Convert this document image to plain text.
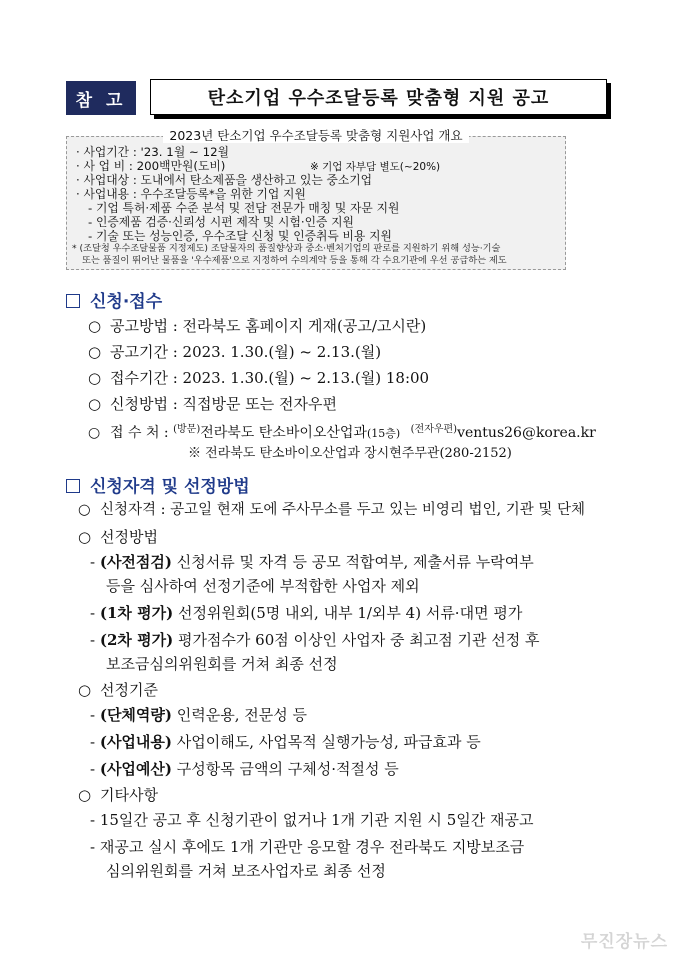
참 고	탄소기업 우수조달등록 맞춤형 지원 공고
2023년 탄소기업 우수조달등록 맞춤형 지원사업 개요
· 사업기간 : '23. 1월 ~ 12월
· 사 업 비 : 200백만원(도비)	※ 기업 자부담 별도(~20%)
· 사업대상 : 도내에서 탄소제품을 생산하고 있는 중소기업
· 사업내용 : 우수조달등록*을 위한 기업 지원
- 기업 특허·제품 수준 분석 및 전담 전문가 매칭 및 자문 지원
- 인증제품 검증·신뢰성 시편 제작 및 시험·인증 지원
- 기술 또는 성능인증, 우수조달 신청 및 인증취득 비용 지원
* (조달청 우수조달물품 지정제도) 조달물자의 품질향상과 중소·벤처기업의 판로를 지원하기 위해 성능·기술
또는 품질이 뛰어난 물품을 '우수제품'으로 지정하여 수의계약 등을 통해 각 수요기관에 우선 공급하는 제도
신청·접수
○ 공고방법 : 전라북도 홈페이지 게재(공고/고시란)
○ 공고기간 : 2023. 1.30.(월) ~ 2.13.(월)
○ 접수기간 : 2023. 1.30.(월) ~ 2.13.(월) 18:00
○ 신청방법 : 직접방문 또는 전자우편
○ 접 수 처 : $^{(방문)}$전라북도 탄소바이오산업과(15층) $^{(전자우편)}$ventus26@korea.kr
※ 전라북도 탄소바이오산업과 장시현주무관(280-2152)
신청자격 및 선정방법
○ 신청자격 : 공고일 현재 도에 주사무소를 두고 있는 비영리 법인, 기관 및 단체
○ 선정방법
- (사전점검) 신청서류 및 자격 등 공모 적합여부, 제출서류 누락여부
등을 심사하여 선정기준에 부적합한 사업자 제외
- (1차 평가) 선정위원회(5명 내외, 내부 1/외부 4) 서류·대면 평가
- (2차 평가) 평가점수가 60점 이상인 사업자 중 최고점 기관 선정 후
보조금심의위원회를 거쳐 최종 선정
○ 선정기준
- (단체역량) 인력운용, 전문성 등
- (사업내용) 사업이해도, 사업목적 실행가능성, 파급효과 등
- (사업예산) 구성항목 금액의 구체성·적절성 등
○ 기타사항
- 15일간 공고 후 신청기관이 없거나 1개 기관 지원 시 5일간 재공고
- 재공고 실시 후에도 1개 기관만 응모할 경우 전라북도 지방보조금
심의위원회를 거쳐 보조사업자로 최종 선정
무진장뉴스
